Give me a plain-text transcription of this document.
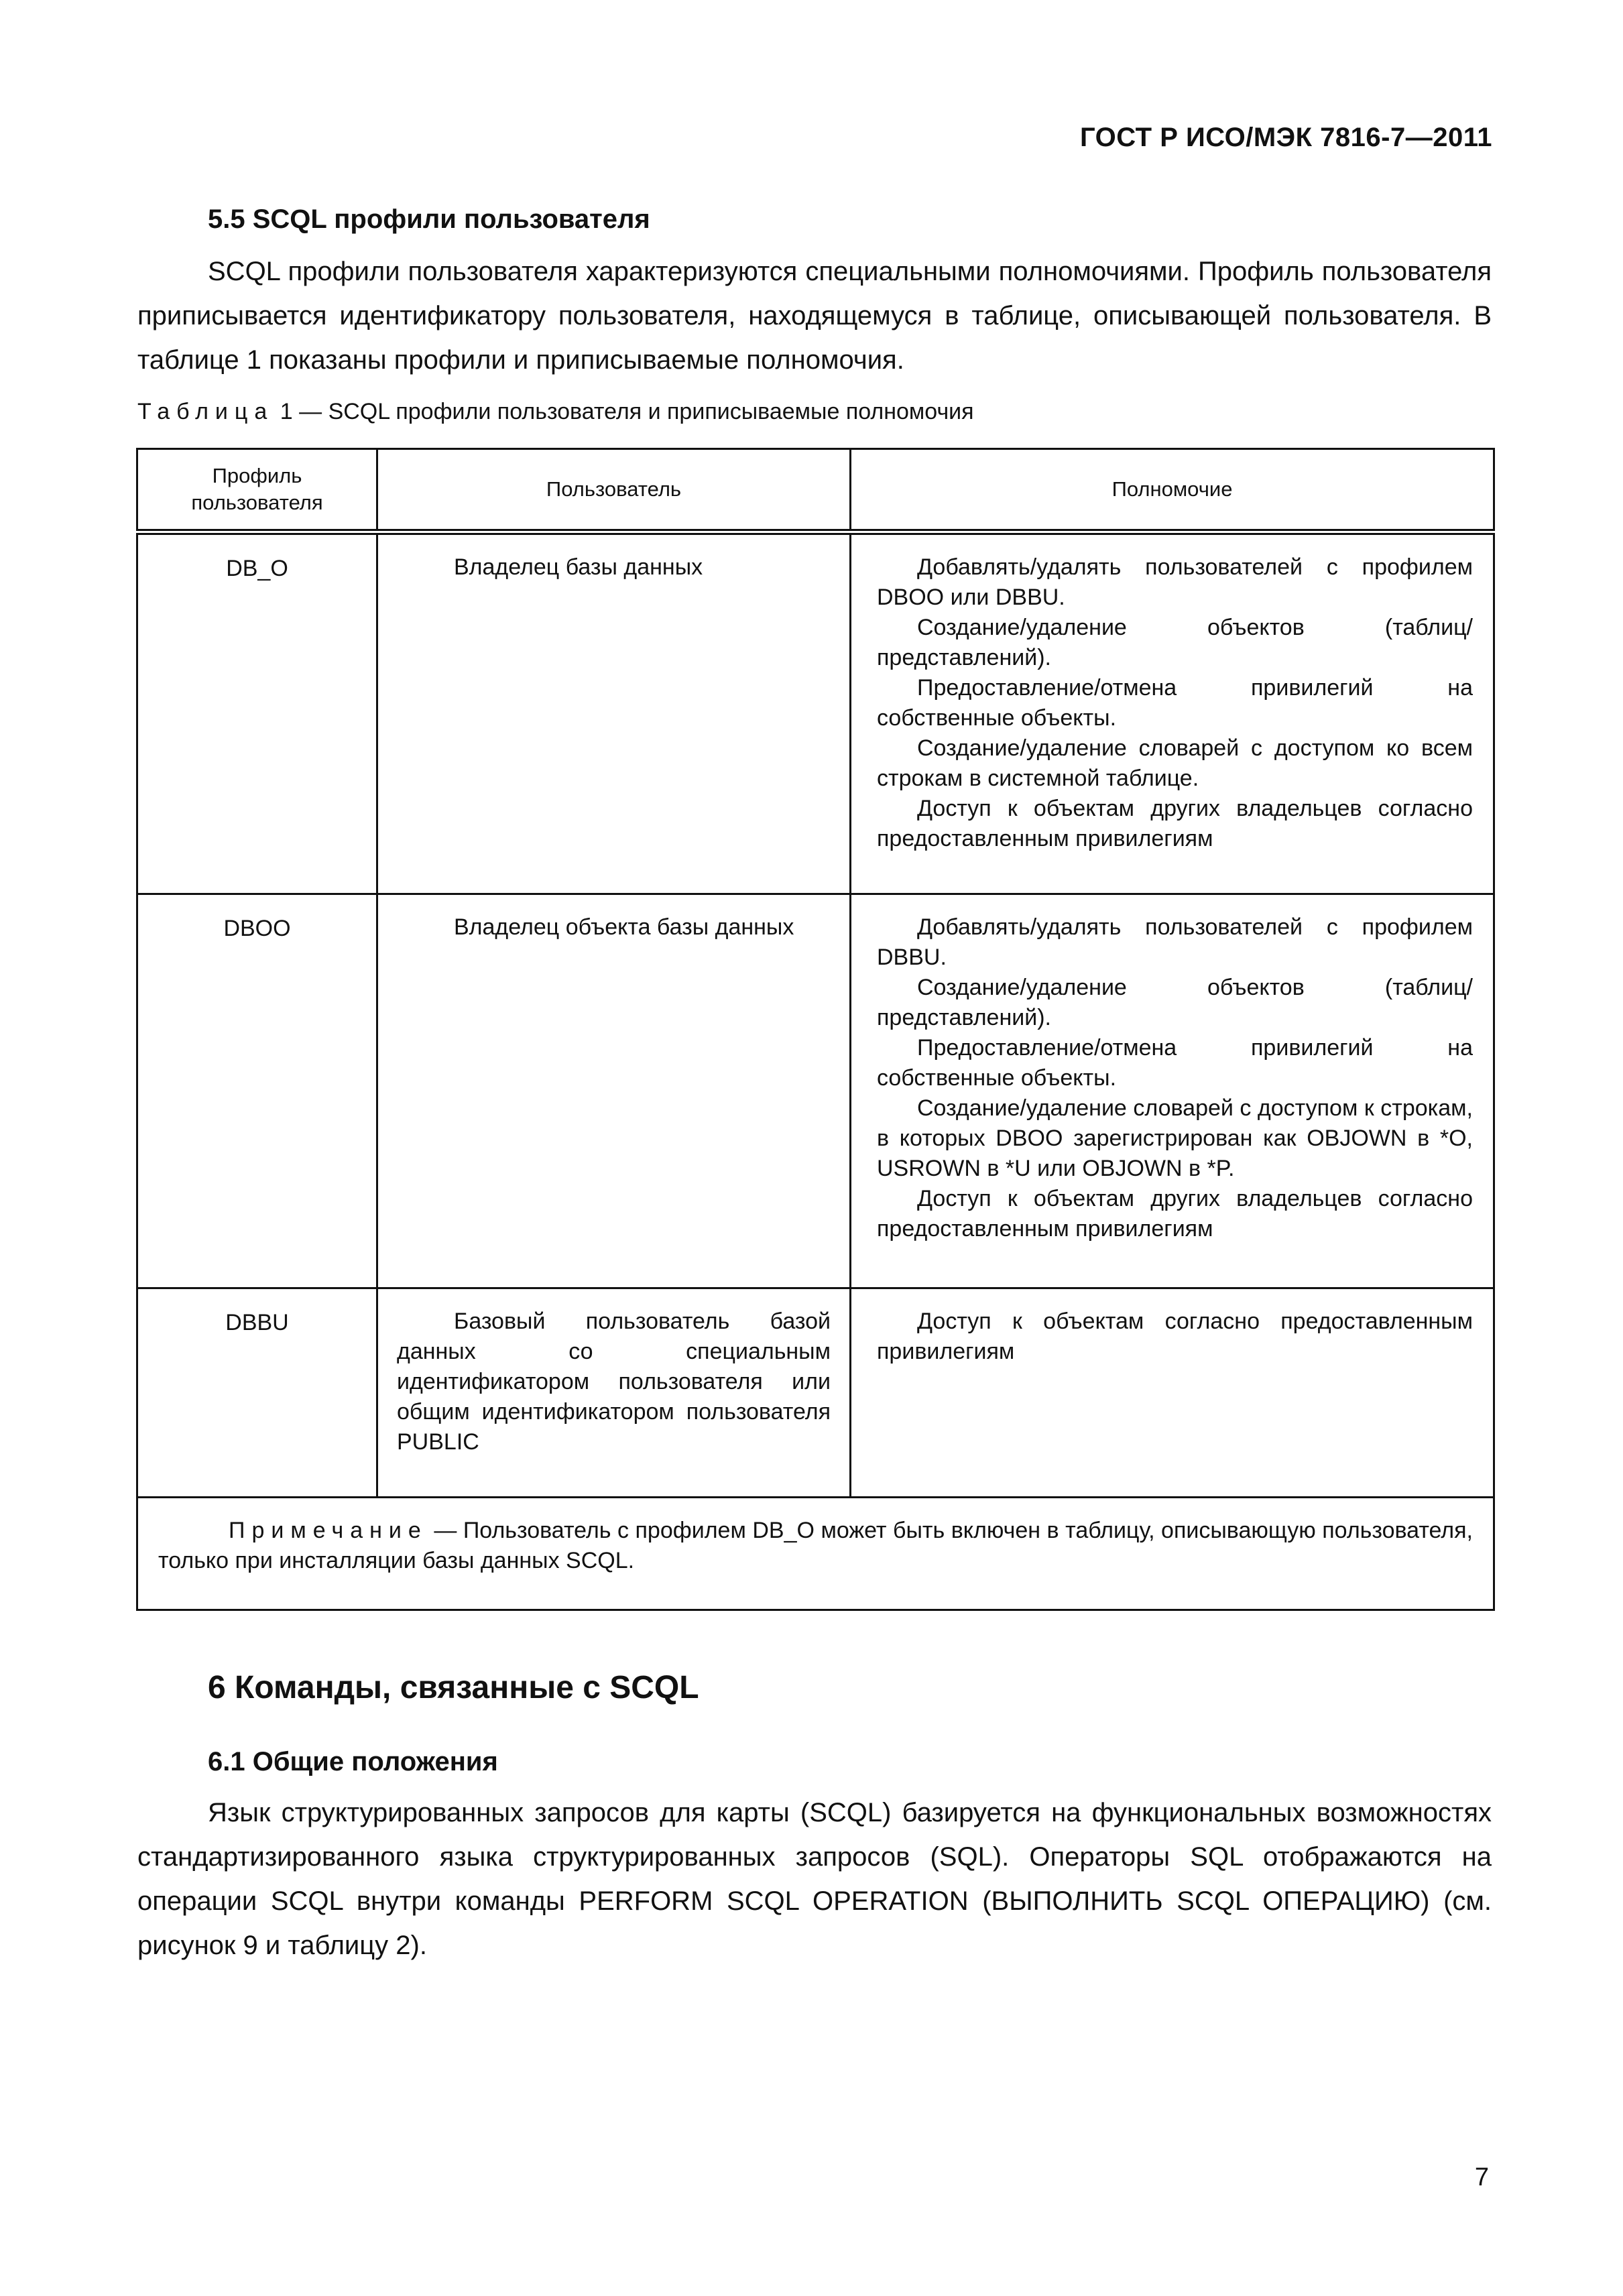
ГОСТ Р ИСО/МЭК 7816-7—2011
5.5 SCQL профили пользователя

SCQL профили пользователя характеризуются специальными полномочиями. Профиль пользователя приписывается идентификатору пользователя, находящемуся в таблице, описывающей пользователя. В таблице 1 показаны профили и приписываемые полномочия.

Таблица 1 — SCQL профили пользователя и приписываемые полномочия
Профиль пользователя	Пользователь	Полномочие
DB_O	Владелец базы данных	Добавлять/удалять пользователей с профилем DBOO или DBBU.

Создание/удаление объектов (таблиц/представлений).

Предоставление/отмена привилегий на собственные объекты.

Создание/удаление словарей с доступом ко всем строкам в системной таблице.

Доступ к объектам других владельцев согласно предоставленным привилегиям

DBOO	Владелец объекта базы данных	Добавлять/удалять пользователей с профилем DBBU.

Создание/удаление объектов (таблиц/представлений).

Предоставление/отмена привилегий на собственные объекты.

Создание/удаление словарей с доступом к строкам, в которых DBOO зарегистрирован как OBJOWN в *O, USROWN в *U или OBJOWN в *P.

Доступ к объектам других владельцев согласно предоставленным привилегиям

DBBU	Базовый пользователь базой данных со специальным идентификатором пользователя или общим идентификатором пользователя PUBLIC	Доступ к объектам согласно предоставленным привилегиям

Примечание — Пользователь с профилем DB_O может быть включен в таблицу, описывающую пользователя, только при инсталляции базы данных SCQL.		

6 Команды, связанные с SCQL
6.1 Общие положения

Язык структурированных запросов для карты (SCQL) базируется на функциональных возможностях стандартизированного языка структурированных запросов (SQL). Операторы SQL отображаются на операции SCQL внутри команды PERFORM SCQL OPERATION (ВЫПОЛНИТЬ SCQL ОПЕРАЦИЮ) (см. рисунок 9 и таблицу 2).

7
